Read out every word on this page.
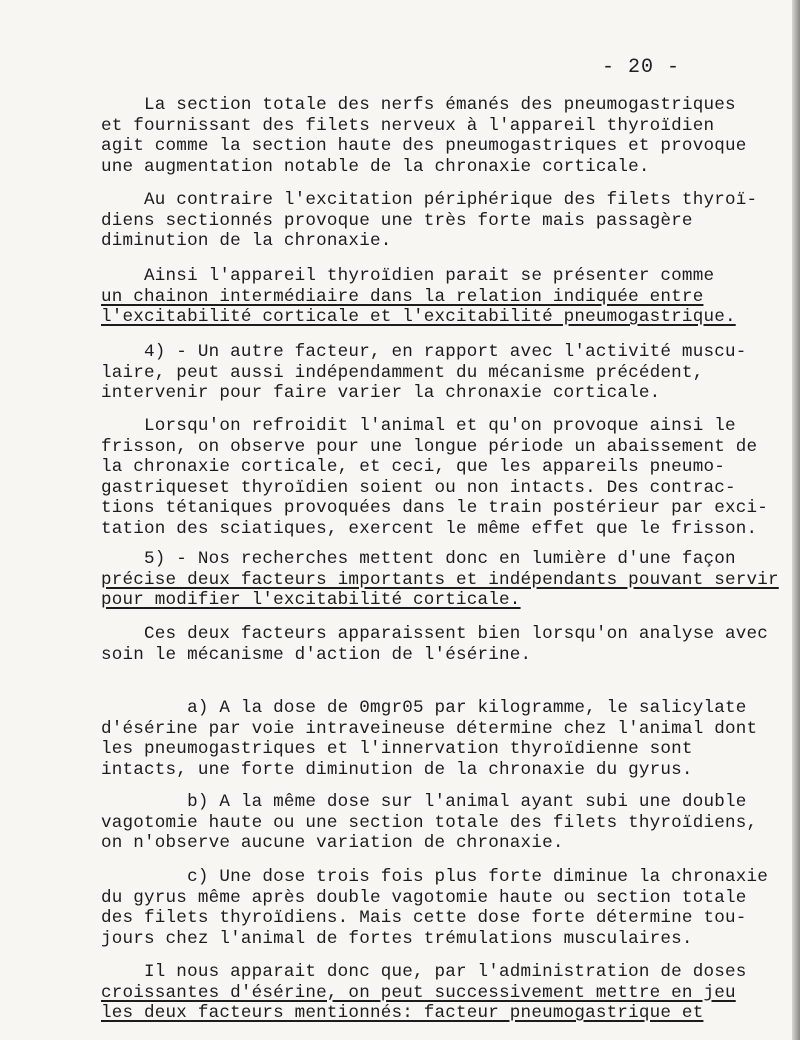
- 20 -

La section totale des nerfs émanés des pneumogastriques
et fournissant des filets nerveux à l'appareil thyroïdien
agit comme la section haute des pneumogastriques et provoque
une augmentation notable de la chronaxie corticale.

Au contraire l'excitation périphérique des filets thyroï-
diens sectionnés provoque une très forte mais passagère
diminution de la chronaxie.

Ainsi l'appareil thyroïdien parait se présenter comme
un chainon intermédiaire dans la relation indiquée entre
l'excitabilité corticale et l'excitabilité pneumogastrique.

4) - Un autre facteur, en rapport avec l'activité muscu-
laire, peut aussi indépendamment du mécanisme précédent,
intervenir pour faire varier la chronaxie corticale.

Lorsqu'on refroidit l'animal et qu'on provoque ainsi le
frisson, on observe pour une longue période un abaissement de
la chronaxie corticale, et ceci, que les appareils pneumo-
gastriqueset thyroïdien soient ou non intacts. Des contrac-
tions tétaniques provoquées dans le train postérieur par exci-
tation des sciatiques, exercent le même effet que le frisson.

5) - Nos recherches mettent donc en lumière d'une façon
précise deux facteurs importants et indépendants pouvant servir
pour modifier l'excitabilité corticale.

Ces deux facteurs apparaissent bien lorsqu'on analyse avec
soin le mécanisme d'action de l'ésérine.

a) A la dose de 0mgr05 par kilogramme, le salicylate
d'ésérine par voie intraveineuse détermine chez l'animal dont
les pneumogastriques et l'innervation thyroïdienne sont
intacts, une forte diminution de la chronaxie du gyrus.

b) A la même dose sur l'animal ayant subi une double
vagotomie haute ou une section totale des filets thyroïdiens,
on n'observe aucune variation de chronaxie.

c) Une dose trois fois plus forte diminue la chronaxie
du gyrus même après double vagotomie haute ou section totale
des filets thyroïdiens. Mais cette dose forte détermine tou-
jours chez l'animal de fortes trémulations musculaires.

Il nous apparait donc que, par l'administration de doses
croissantes d'ésérine, on peut successivement mettre en jeu
les deux facteurs mentionnés: facteur pneumogastrique et
